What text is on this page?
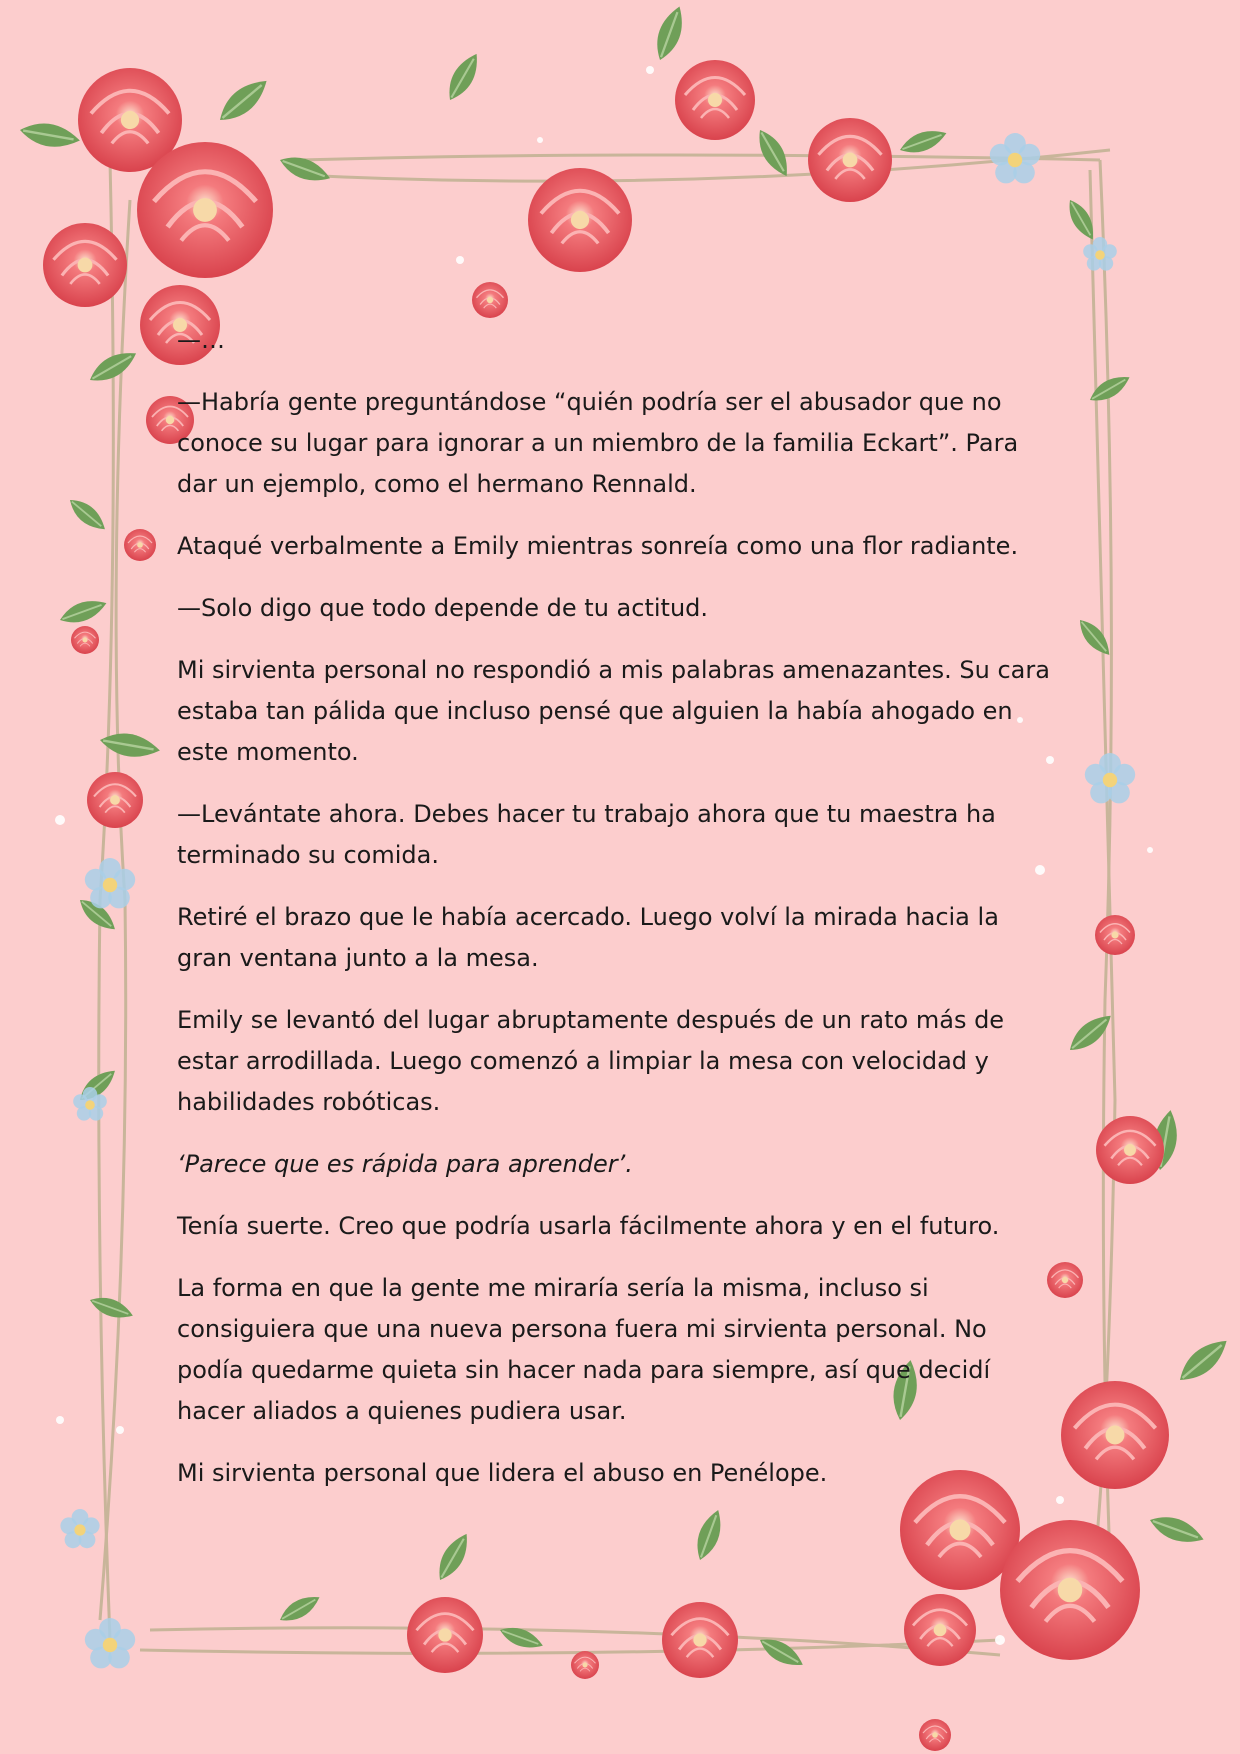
—…

—Habría gente preguntándose “quién podría ser el abusador que no conoce su lugar para ignorar a un miembro de la familia Eckart”. Para dar un ejemplo, como el hermano Rennald.

Ataqué verbalmente a Emily mientras sonreía como una flor radiante.

—Solo digo que todo depende de tu actitud.

Mi sirvienta personal no respondió a mis palabras amenazantes. Su cara estaba tan pálida que incluso pensé que alguien la había ahogado en este momento.

—Levántate ahora. Debes hacer tu trabajo ahora que tu maestra ha terminado su comida.

Retiré el brazo que le había acercado. Luego volví la mirada hacia la gran ventana junto a la mesa.

Emily se levantó del lugar abruptamente después de un rato más de estar arrodillada. Luego comenzó a limpiar la mesa con velocidad y habilidades robóticas.

‘Parece que es rápida para aprender’.

Tenía suerte. Creo que podría usarla fácilmente ahora y en el futuro.

La forma en que la gente me miraría sería la misma, incluso si consiguiera que una nueva persona fuera mi sirvienta personal. No podía quedarme quieta sin hacer nada para siempre, así que decidí hacer aliados a quienes pudiera usar.

Mi sirvienta personal que lidera el abuso en Penélope.
